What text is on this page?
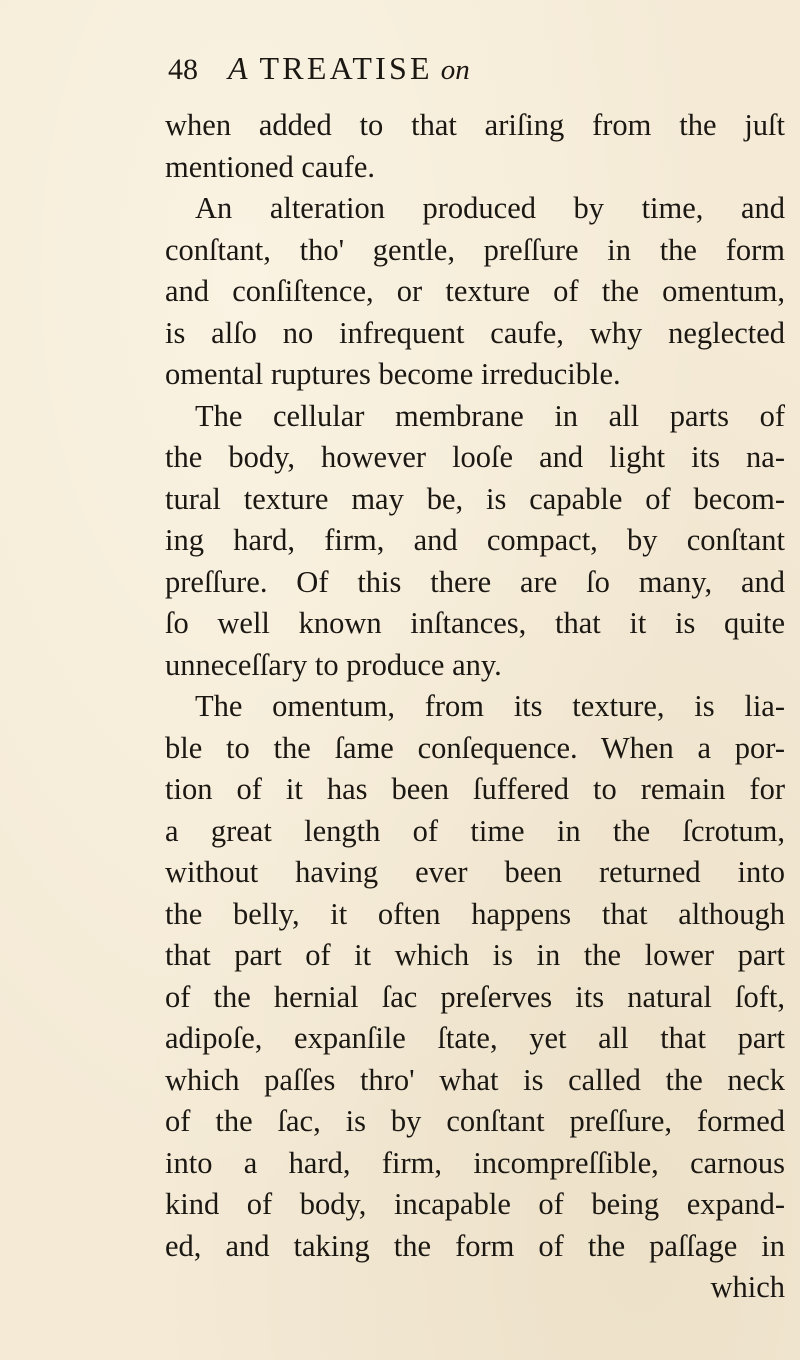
48 A TREATISE on
when added to that ariſing from the juſt
mentioned caufe.
An alteration produced by time, and
conſtant, tho' gentle, preſſure in the form
and conſiſtence, or texture of the omentum,
is alſo no infrequent caufe, why neglected
omental ruptures become irreducible.
The cellular membrane in all parts of
the body, however looſe and light its na-
tural texture may be, is capable of becom-
ing hard, firm, and compact, by conſtant
preſſure. Of this there are ſo many, and
ſo well known inſtances, that it is quite
unneceſſary to produce any.
The omentum, from its texture, is lia-
ble to the ſame conſequence. When a por-
tion of it has been ſuffered to remain for
a great length of time in the ſcrotum,
without having ever been returned into
the belly, it often happens that although
that part of it which is in the lower part
of the hernial ſac preſerves its natural ſoft,
adipoſe, expanſile ſtate, yet all that part
which paſſes thro' what is called the neck
of the ſac, is by conſtant preſſure, formed
into a hard, firm, incompreſſible, carnous
kind of body, incapable of being expand-
ed, and taking the form of the paſſage in
which
